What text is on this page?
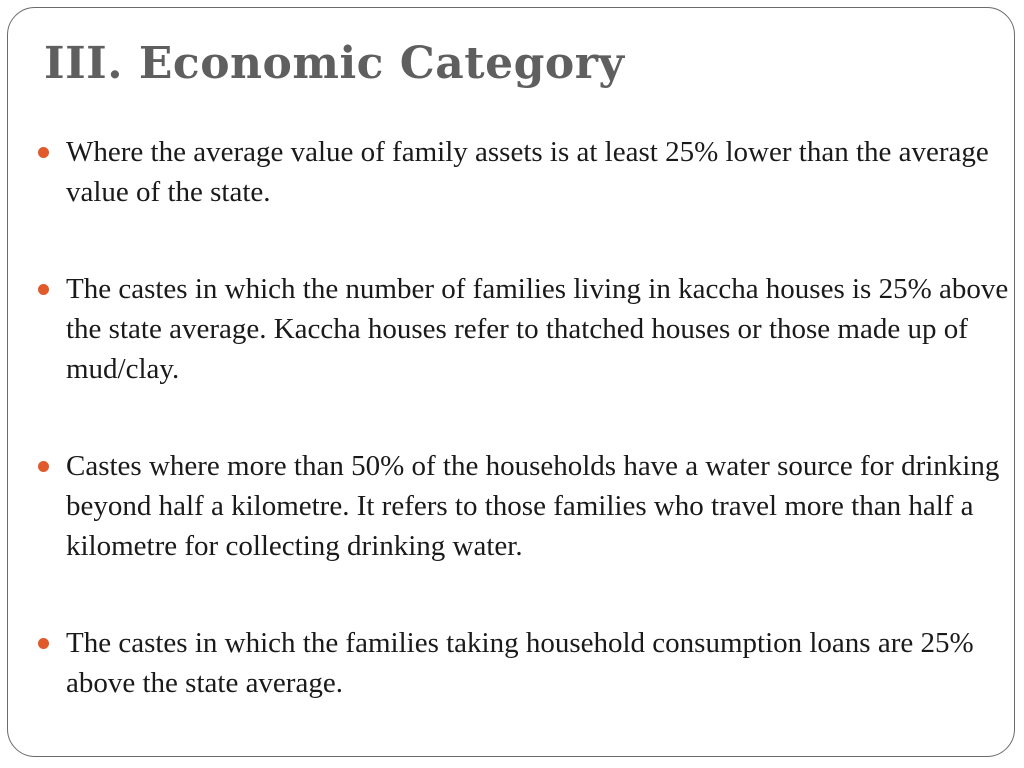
III. Economic Category
Where the average value of family assets is at least 25% lower than the average value of the state.
The castes in which the number of families living in kaccha houses is 25% above the state average. Kaccha houses refer to thatched houses or those made up of mud/clay.
Castes where more than 50% of the households have a water source for drinking beyond half a kilometre. It refers to those families who travel more than half a kilometre for collecting drinking water.
The castes in which the families taking household consumption loans are 25% above the state average.
